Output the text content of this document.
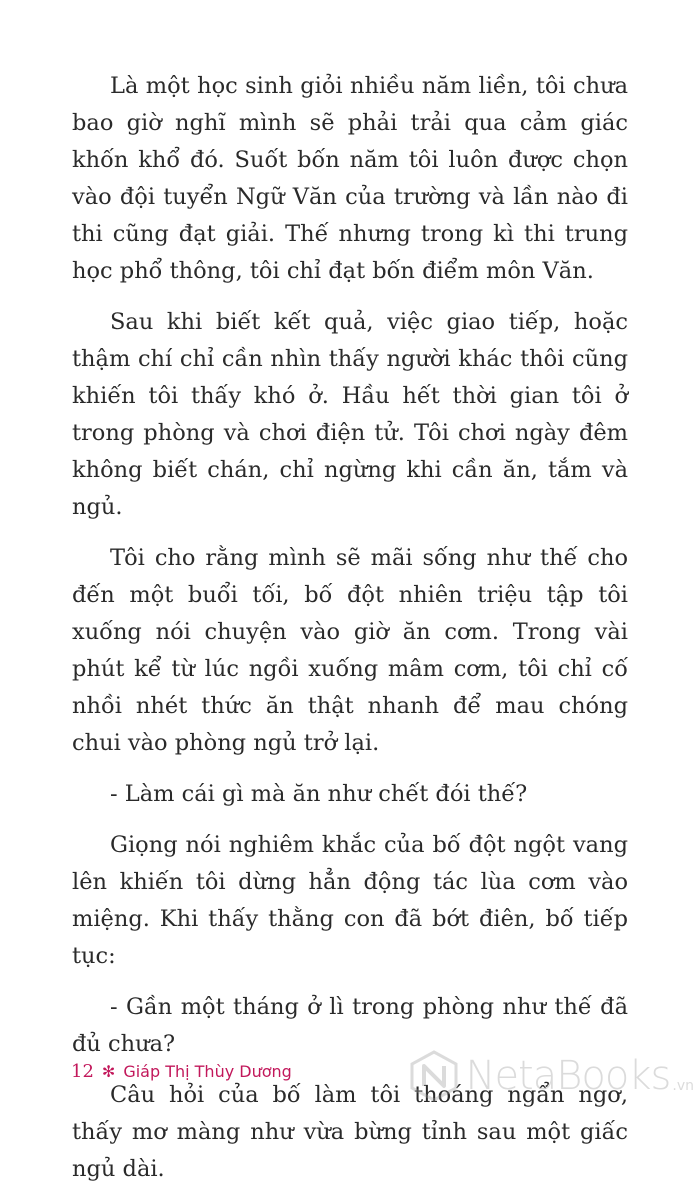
Là một học sinh giỏi nhiều năm liền, tôi chưa bao giờ nghĩ mình sẽ phải trải qua cảm giác khốn khổ đó. Suốt bốn năm tôi luôn được chọn vào đội tuyển Ngữ Văn của trường và lần nào đi thi cũng đạt giải. Thế nhưng trong kì thi trung học phổ thông, tôi chỉ đạt bốn điểm môn Văn.

Sau khi biết kết quả, việc giao tiếp, hoặc thậm chí chỉ cần nhìn thấy người khác thôi cũng khiến tôi thấy khó ở. Hầu hết thời gian tôi ở trong phòng và chơi điện tử. Tôi chơi ngày đêm không biết chán, chỉ ngừng khi cần ăn, tắm và ngủ.

Tôi cho rằng mình sẽ mãi sống như thế cho đến một buổi tối, bố đột nhiên triệu tập tôi xuống nói chuyện vào giờ ăn cơm. Trong vài phút kể từ lúc ngồi xuống mâm cơm, tôi chỉ cố nhồi nhét thức ăn thật nhanh để mau chóng chui vào phòng ngủ trở lại.

- Làm cái gì mà ăn như chết đói thế?

Giọng nói nghiêm khắc của bố đột ngột vang lên khiến tôi dừng hẳn động tác lùa cơm vào miệng. Khi thấy thằng con đã bớt điên, bố tiếp tục:

- Gần một tháng ở lì trong phòng như thế đã đủ chưa?

Câu hỏi của bố làm tôi thoáng ngẩn ngơ, thấy mơ màng như vừa bừng tỉnh sau một giấc ngủ dài.

12 ✻ Giáp Thị Thùy Dương	NetaBooks .vn
